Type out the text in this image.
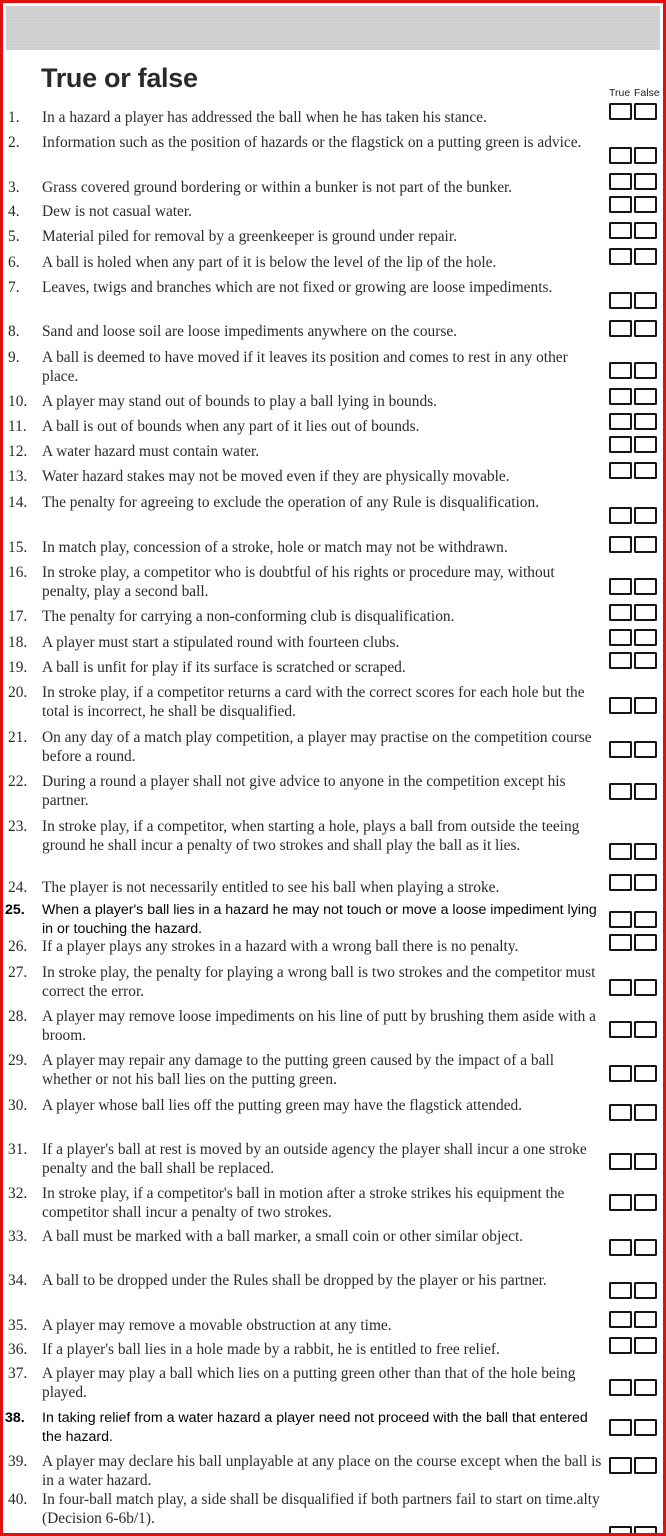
True or false	True False
1.	In a hazard a player has addressed the ball when he has taken his stance.
2.	Information such as the position of hazards or the flagstick on a putting green is advice.
3.	Grass covered ground bordering or within a bunker is not part of the bunker.
4.	Dew is not casual water.
5.	Material piled for removal by a greenkeeper is ground under repair.
6.	A ball is holed when any part of it is below the level of the lip of the hole.
7.	Leaves, twigs and branches which are not fixed or growing are loose impediments.
8.	Sand and loose soil are loose impediments anywhere on the course.
9.	A ball is deemed to have moved if it leaves its position and comes to rest in any other place.
10. A player may stand out of bounds to play a ball lying in bounds.
11. A ball is out of bounds when any part of it lies out of bounds.
12. A water hazard must contain water.
13. Water hazard stakes may not be moved even if they are physically movable.
14. The penalty for agreeing to exclude the operation of any Rule is disqualification.
15. In match play, concession of a stroke, hole or match may not be withdrawn.
16. In stroke play, a competitor who is doubtful of his rights or procedure may, without penalty, play a second ball.
17. The penalty for carrying a non-conforming club is disqualification.
18. A player must start a stipulated round with fourteen clubs.
19. A ball is unfit for play if its surface is scratched or scraped.
20. In stroke play, if a competitor returns a card with the correct scores for each hole but the total is incorrect, he shall be disqualified.
21. On any day of a match play competition, a player may practise on the competition course before a round.
22. During a round a player shall not give advice to anyone in the competition except his partner.
23. In stroke play, if a competitor, when starting a hole, plays a ball from outside the teeing ground he shall incur a penalty of two strokes and shall play the ball as it lies.
24. The player is not necessarily entitled to see his ball when playing a stroke.
25.	When a player's ball lies in a hazard he may not touch or move a loose impediment lying in or touching the hazard.
26. If a player plays any strokes in a hazard with a wrong ball there is no penalty.
27. In stroke play, the penalty for playing a wrong ball is two strokes and the competitor must correct the error.
28. A player may remove loose impediments on his line of putt by brushing them aside with a broom.
29. A player may repair any damage to the putting green caused by the impact of a ball whether or not his ball lies on the putting green.
30. A player whose ball lies off the putting green may have the flagstick attended.
31. If a player's ball at rest is moved by an outside agency the player shall incur a one stroke penalty and the ball shall be replaced.
32. In stroke play, if a competitor's ball in motion after a stroke strikes his equipment the competitor shall incur a penalty of two strokes.
33. A ball must be marked with a ball marker, a small coin or other similar object.
34. A ball to be dropped under the Rules shall be dropped by the player or his partner.
35. A player may remove a movable obstruction at any time.
36. If a player's ball lies in a hole made by a rabbit, he is entitled to free relief.
37. A player may play a ball which lies on a putting green other than that of the hole being played.
38.	In taking relief from a water hazard a player need not proceed with the ball that entered the hazard.
39. A player may declare his ball unplayable at any place on the course except when the ball is in a water hazard.
40. In four-ball match play, a side shall be disqualified if both partners fail to start on time.alty (Decision 6-6b/1).
